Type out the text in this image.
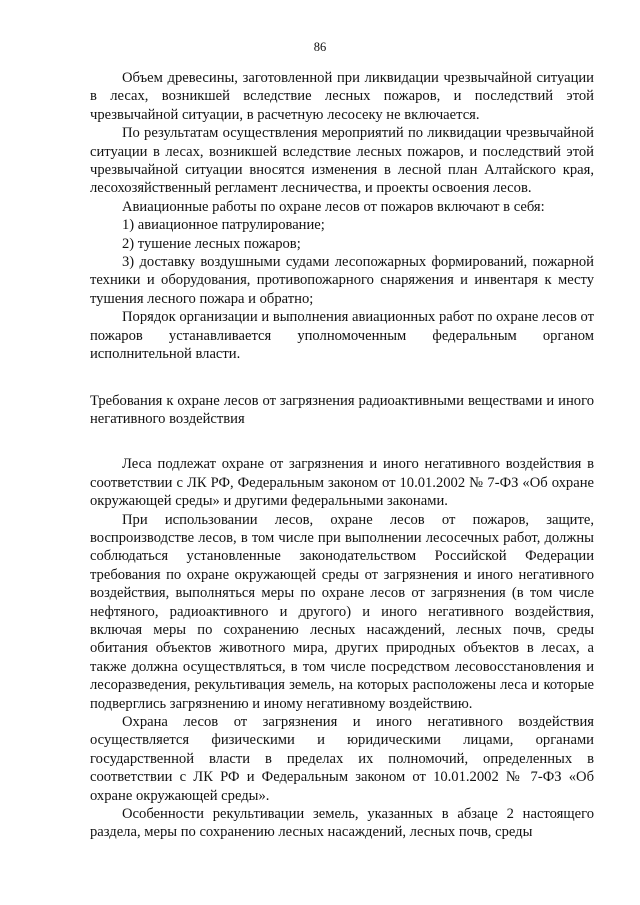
86

Объем древесины, заготовленной при ликвидации чрезвычайной ситуации в лесах, возникшей вследствие лесных пожаров, и последствий этой чрезвычайной ситуации, в расчетную лесосеку не включается.

По результатам осуществления мероприятий по ликвидации чрезвычайной ситуации в лесах, возникшей вследствие лесных пожаров, и последствий этой чрезвычайной ситуации вносятся изменения в лесной план Алтайского края, лесохозяйственный регламент лесничества, и проекты освоения лесов.

Авиационные работы по охране лесов от пожаров включают в себя:

1) авиационное патрулирование;

2) тушение лесных пожаров;

3) доставку воздушными судами лесопожарных формирований, пожарной техники и оборудования, противопожарного снаряжения и инвентаря к месту тушения лесного пожара и обратно;

Порядок организации и выполнения авиационных работ по охране лесов от пожаров устанавливается уполномоченным федеральным органом исполнительной власти.

Требования к охране лесов от загрязнения радиоактивными веществами и иного негативного воздействия

Леса подлежат охране от загрязнения и иного негативного воздействия в соответствии с ЛК РФ, Федеральным законом от 10.01.2002 № 7-ФЗ «Об охране окружающей среды» и другими федеральными законами.

При использовании лесов, охране лесов от пожаров, защите, воспроизводстве лесов, в том числе при выполнении лесосечных работ, должны соблюдаться установленные законодательством Российской Федерации требования по охране окружающей среды от загрязнения и иного негативного воздействия, выполняться меры по охране лесов от загрязнения (в том числе нефтяного, радиоактивного и другого) и иного негативного воздействия, включая меры по сохранению лесных насаждений, лесных почв, среды обитания объектов животного мира, других природных объектов в лесах, а также должна осуществляться, в том числе посредством лесовосстановления и лесоразведения, рекультивация земель, на которых расположены леса и которые подверглись загрязнению и иному негативному воздействию.

Охрана лесов от загрязнения и иного негативного воздействия осуществляется физическими и юридическими лицами, органами государственной власти в пределах их полномочий, определенных в соответствии с ЛК РФ и Федеральным законом от 10.01.2002 № 7-ФЗ «Об охране окружающей среды».

Особенности рекультивации земель, указанных в абзаце 2 настоящего раздела, меры по сохранению лесных насаждений, лесных почв, среды
